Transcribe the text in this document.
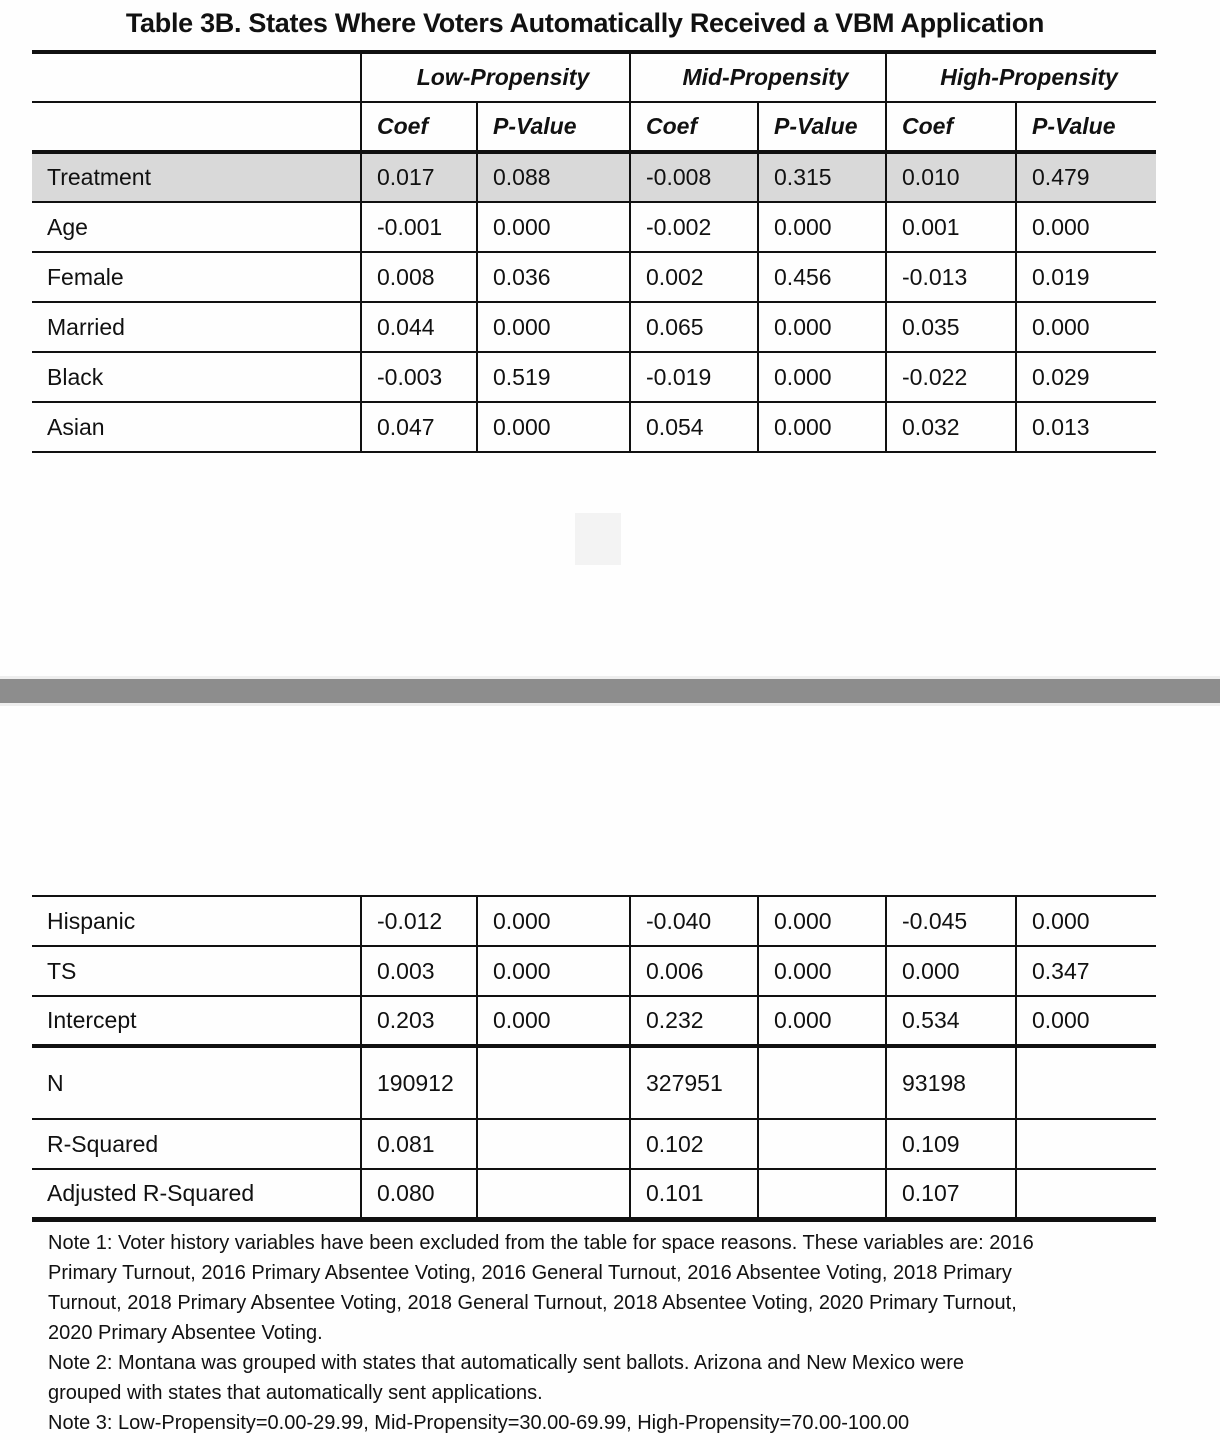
Table 3B. States Where Voters Automatically Received a VBM Application
	Low-Propensity		Mid-Propensity		High-Propensity	
	Coef	P-Value	Coef	P-Value	Coef	P-Value
Treatment	0.017	0.088	-0.008	0.315	0.010	0.479
Age	-0.001	0.000	-0.002	0.000	0.001	0.000
Female	0.008	0.036	0.002	0.456	-0.013	0.019
Married	0.044	0.000	0.065	0.000	0.035	0.000
Black	-0.003	0.519	-0.019	0.000	-0.022	0.029
Asian	0.047	0.000	0.054	0.000	0.032	0.013
Hispanic	-0.012	0.000	-0.040	0.000	-0.045	0.000
TS	0.003	0.000	0.006	0.000	0.000	0.347
Intercept	0.203	0.000	0.232	0.000	0.534	0.000
N	190912		327951		93198	
R-Squared	0.081		0.102		0.109	
Adjusted R-Squared	0.080		0.101		0.107	
Note 1: Voter history variables have been excluded from the table for space reasons. These variables are: 2016
Primary Turnout, 2016 Primary Absentee Voting, 2016 General Turnout, 2016 Absentee Voting, 2018 Primary
Turnout, 2018 Primary Absentee Voting, 2018 General Turnout, 2018 Absentee Voting, 2020 Primary Turnout,
2020 Primary Absentee Voting.
Note 2: Montana was grouped with states that automatically sent ballots. Arizona and New Mexico were
grouped with states that automatically sent applications.
Note 3: Low-Propensity=0.00-29.99, Mid-Propensity=30.00-69.99, High-Propensity=70.00-100.00
